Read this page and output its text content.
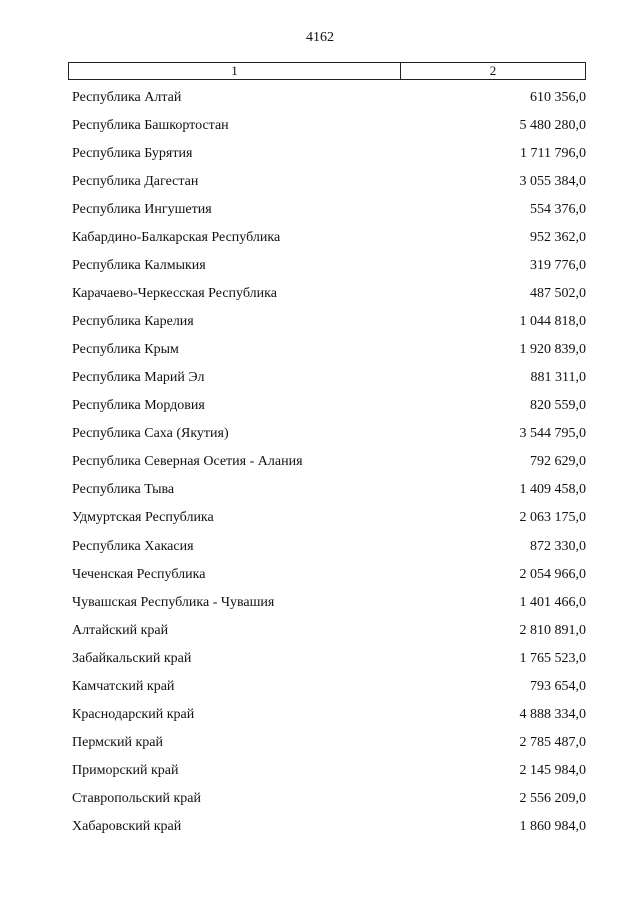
4162
1	2
Республика Алтай	610 356,0
Республика Башкортостан	5 480 280,0
Республика Бурятия	1 711 796,0
Республика Дагестан	3 055 384,0
Республика Ингушетия	554 376,0
Кабардино-Балкарская Республика	952 362,0
Республика Калмыкия	319 776,0
Карачаево-Черкесская Республика	487 502,0
Республика Карелия	1 044 818,0
Республика Крым	1 920 839,0
Республика Марий Эл	881 311,0
Республика Мордовия	820 559,0
Республика Саха (Якутия)	3 544 795,0
Республика Северная Осетия - Алания	792 629,0
Республика Тыва	1 409 458,0
Удмуртская Республика	2 063 175,0
Республика Хакасия	872 330,0
Чеченская Республика	2 054 966,0
Чувашская Республика - Чувашия	1 401 466,0
Алтайский край	2 810 891,0
Забайкальский край	1 765 523,0
Камчатский край	793 654,0
Краснодарский край	4 888 334,0
Пермский край	2 785 487,0
Приморский край	2 145 984,0
Ставропольский край	2 556 209,0
Хабаровский край	1 860 984,0
